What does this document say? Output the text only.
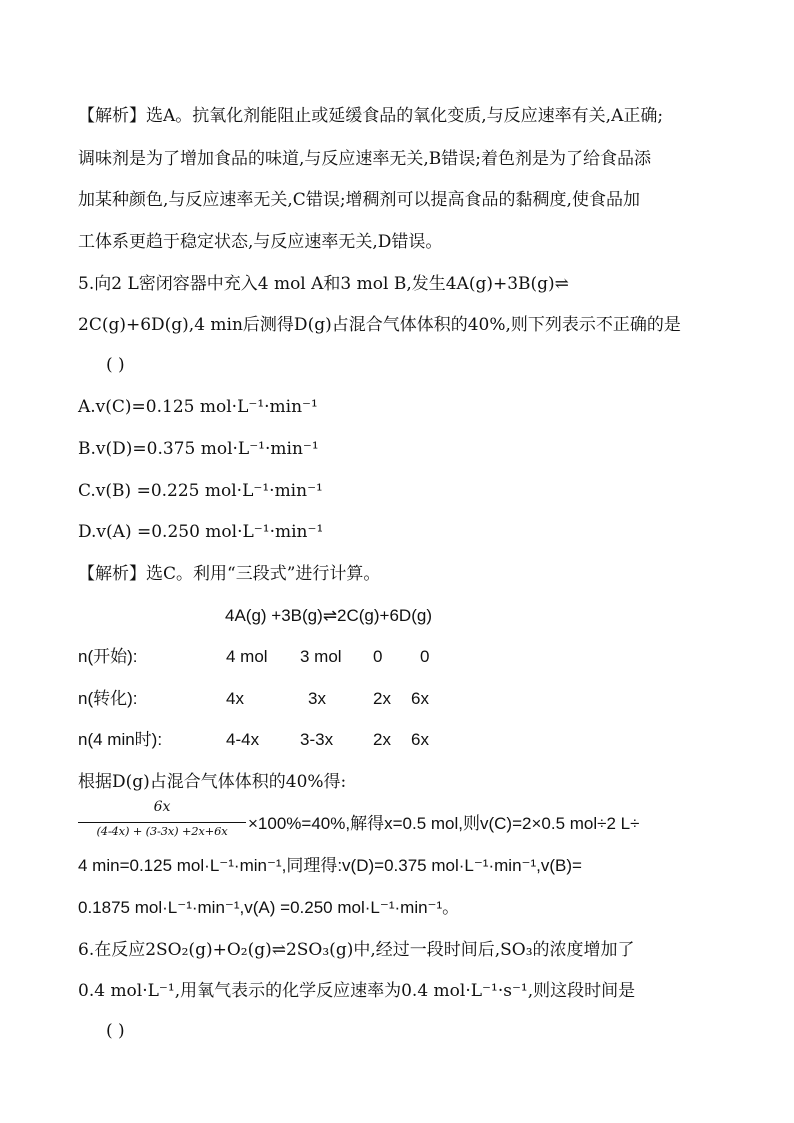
【解析】选A。抗氧化剂能阻止或延缓食品的氧化变质,与反应速率有关,A正确;
调味剂是为了增加食品的味道,与反应速率无关,B错误;着色剂是为了给食品添
加某种颜色,与反应速率无关,C错误;增稠剂可以提高食品的黏稠度,使食品加
工体系更趋于稳定状态,与反应速率无关,D错误。
5.向2 L密闭容器中充入4 mol A和3 mol B,发生4A(g)+3B(g)⇌
2C(g)+6D(g),4 min后测得D(g)占混合气体体积的40%,则下列表示不正确的是
( )
A.v(C)=0.125 mol·L⁻¹·min⁻¹
B.v(D)=0.375 mol·L⁻¹·min⁻¹
C.v(B) =0.225 mol·L⁻¹·min⁻¹
D.v(A) =0.250 mol·L⁻¹·min⁻¹
【解析】选C。利用“三段式”进行计算。
4A(g) +3B(g)⇌2C(g)+6D(g)
n(开始):	4 mol 3 mol 0 0
n(转化):	4x	3x	2x 6x
n(4 min时):	4-4x 3-3x 2x 6x
根据D(g)占混合气体体积的40%得:
6x
(4-4x) + (3-3x) +2x+6x	×100%=40%,解得x=0.5 mol,则v(C)=2×0.5 mol÷2 L÷
4 min=0.125 mol·L⁻¹·min⁻¹,同理得:v(D)=0.375 mol·L⁻¹·min⁻¹,v(B)=
0.1875 mol·L⁻¹·min⁻¹,v(A) =0.250 mol·L⁻¹·min⁻¹。
6.在反应2SO₂(g)+O₂(g)⇌2SO₃(g)中,经过一段时间后,SO₃的浓度增加了
0.4 mol·L⁻¹,用氧气表示的化学反应速率为0.4 mol·L⁻¹·s⁻¹,则这段时间是
( )
